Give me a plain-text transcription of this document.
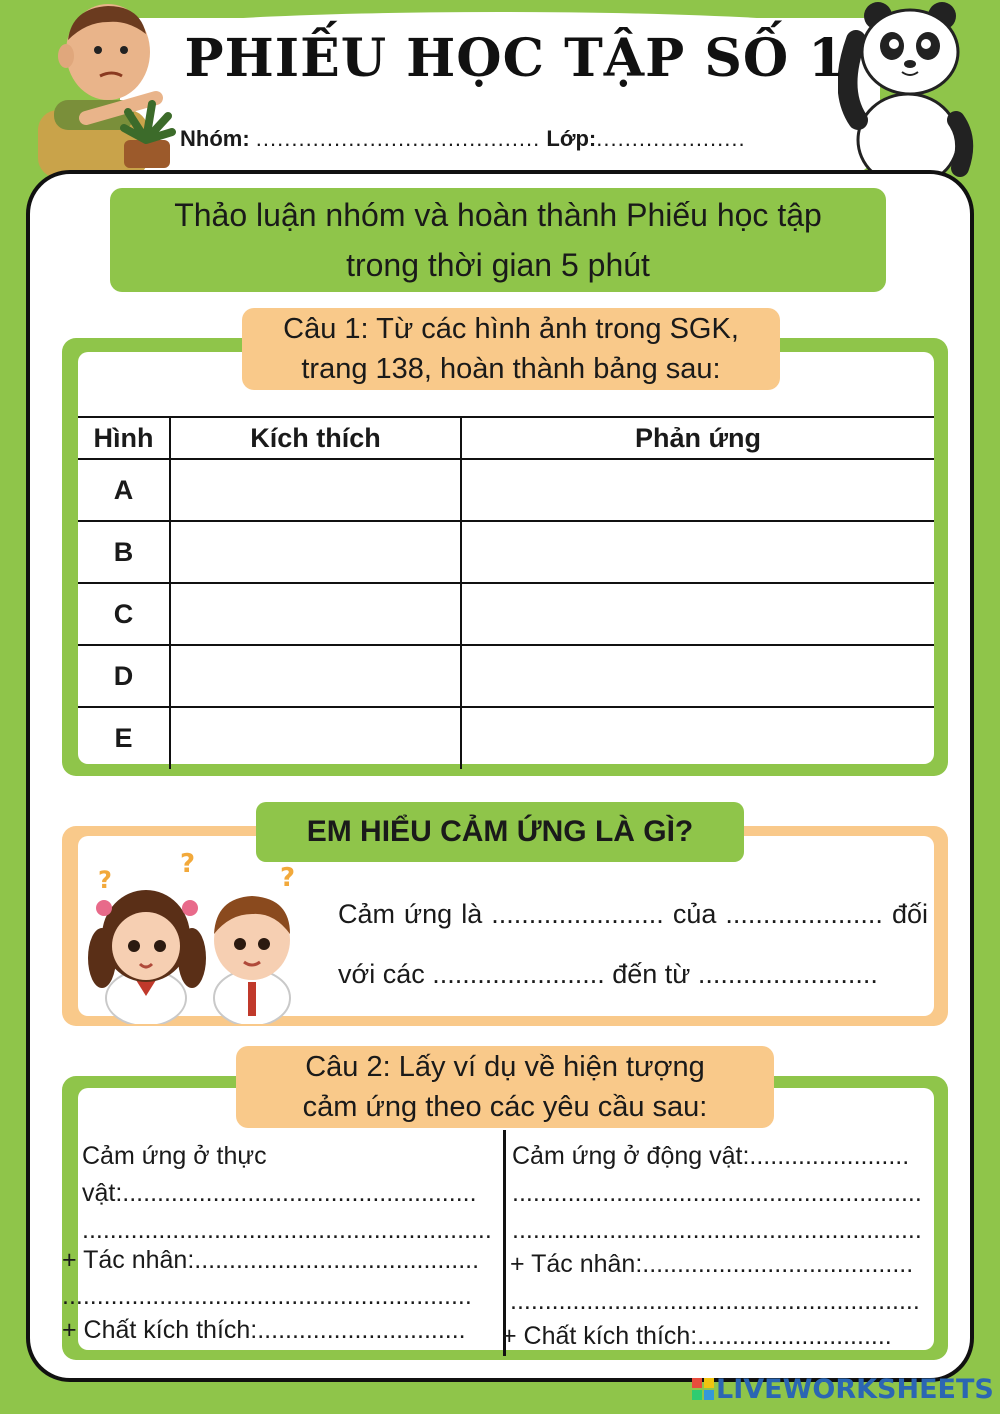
PHIẾU HỌC TẬP SỐ 1
Nhóm: ........................................ Lớp:.....................
Thảo luận nhóm và hoàn thành Phiếu học tập
trong thời gian 5 phút
Câu 1: Từ các hình ảnh trong SGK,
trang 138, hoàn thành bảng sau:
Hình	Kích thích	Phản ứng
A		
B		
C		
D		
E		
EM HIỂU CẢM ỨNG LÀ GÌ?
?
?	?

Cảm ứng là ....................... của ..................... đối

với các ....................... đến từ ........................

Câu 2: Lấy ví dụ về hiện tượng
cảm ứng theo các yêu cầu sau:
Cảm ứng ở thực
vật:...................................................
...........................................................
+ Tác nhân:.........................................
...........................................................
+ Chất kích thích:..............................
Cảm ứng ở động vật:.......................
...........................................................
...........................................................
+ Tác nhân:.......................................
...........................................................
+ Chất kích thích:............................
LIVEWORKSHEETS
